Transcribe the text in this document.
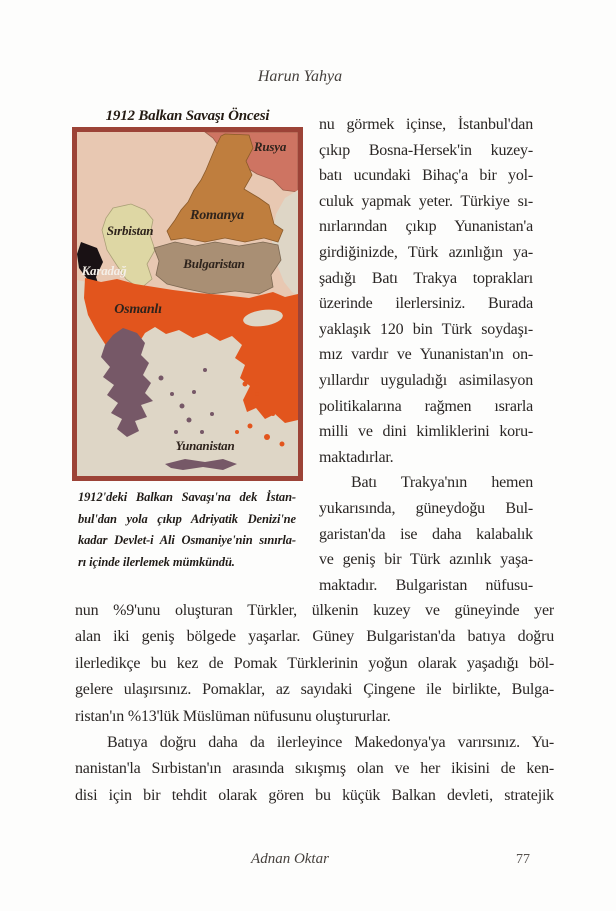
Harun Yahya
1912 Balkan Savaşı Öncesi
Rusya
Romanya
Sırbistan
Karadağ	Bulgaristan
Osmanlı
Yunanistan
1912'deki Balkan Savaşı'na dek İstan-
bul'dan yola çıkıp Adriyatik Denizi'ne
kadar Devlet-i Ali Osmaniye'nin sınırla-
rı içinde ilerlemek mümkündü.
nu görmek içinse, İstanbul'dan
çıkıp Bosna-Hersek'in kuzey-
batı ucundaki Bihaç'a bir yol-
culuk yapmak yeter. Türkiye sı-
nırlarından çıkıp Yunanistan'a
girdiğinizde, Türk azınlığın ya-
şadığı Batı Trakya toprakları
üzerinde ilerlersiniz. Burada
yaklaşık 120 bin Türk soydaşı-
mız vardır ve Yunanistan'ın on-
yıllardır uyguladığı asimilasyon
politikalarına rağmen ısrarla
milli ve dini kimliklerini koru-
maktadırlar.
Batı Trakya'nın hemen
yukarısında, güneydoğu Bul-
garistan'da ise daha kalabalık
ve geniş bir Türk azınlık yaşa-
maktadır. Bulgaristan nüfusu-
nun %9'unu oluşturan Türkler, ülkenin kuzey ve güneyinde yer
alan iki geniş bölgede yaşarlar. Güney Bulgaristan'da batıya doğru
ilerledikçe bu kez de Pomak Türklerinin yoğun olarak yaşadığı böl-
gelere ulaşırsınız. Pomaklar, az sayıdaki Çingene ile birlikte, Bulga-
ristan'ın %13'lük Müslüman nüfusunu oluştururlar.
Batıya doğru daha da ilerleyince Makedonya'ya varırsınız. Yu-
nanistan'la Sırbistan'ın arasında sıkışmış olan ve her ikisini de ken-
disi için bir tehdit olarak gören bu küçük Balkan devleti, stratejik
Adnan Oktar	77
